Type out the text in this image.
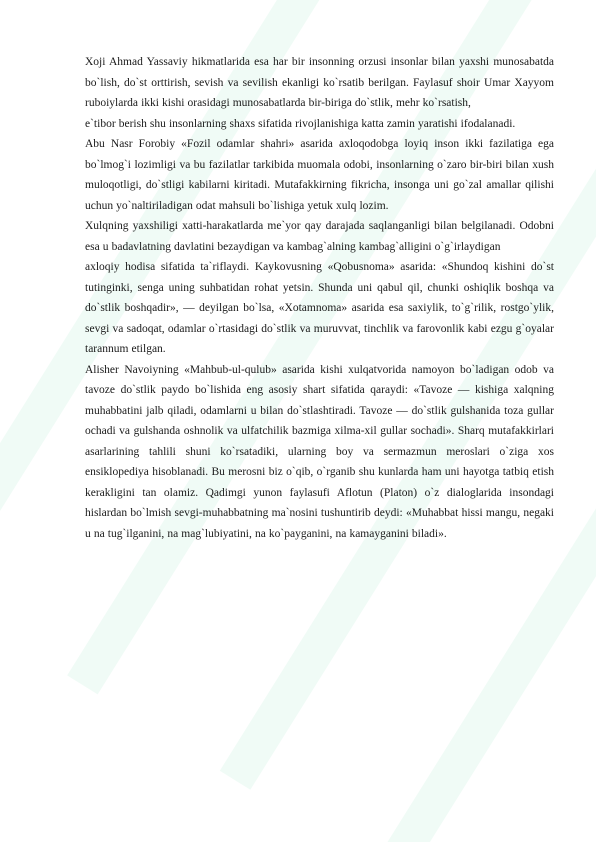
Xoji Ahmad Yassaviy hikmatlarida esa har bir insonning orzusi insonlar bilan yaxshi munosabatda bo`lish, do`st orttirish, sevish va sevilish ekanligi ko`rsatib berilgan. Faylasuf shoir Umar Xayyom ruboiylarda ikki kishi orasidagi munosabatlarda bir-biriga do`stlik, mehr ko`rsatish,

e`tibor berish shu insonlarning shaxs sifatida rivojlanishiga katta zamin yaratishi ifodalanadi.

Abu Nasr Forobiy «Fozil odamlar shahri» asarida axloqodobga loyiq inson ikki fazilatiga ega bo`lmog`i lozimligi va bu fazilatlar tarkibida muomala odobi, insonlarning o`zaro bir-biri bilan xush muloqotligi, do`stligi kabilarni kiritadi. Mutafakkirning fikricha, insonga uni go`zal amallar qilishi uchun yo`naltiriladigan odat mahsuli bo`lishiga yetuk xulq lozim.

Xulqning yaxshiligi xatti-harakatlarda me`yor qay darajada saqlanganligi bilan belgilanadi. Odobni esa u badavlatning davlatini bezaydigan va kambag`alning kambag`alligini o`g`irlaydigan

axloqiy hodisa sifatida ta`riflaydi. Kaykovusning «Qobusnoma» asarida: «Shundoq kishini do`st tutinginki, senga uning suhbatidan rohat yetsin. Shunda uni qabul qil, chunki oshiqlik boshqa va do`stlik boshqadir», — deyilgan bo`lsa, «Xotamnoma» asarida esa saxiylik, to`g`rilik, rostgo`ylik, sevgi va sadoqat, odamlar o`rtasidagi do`stlik va muruvvat, tinchlik va farovonlik kabi ezgu g`oyalar tarannum etilgan.

Alisher Navoiyning «Mahbub-ul-qulub» asarida kishi xulqatvorida namoyon bo`ladigan odob va tavoze do`stlik paydo bo`lishida eng asosiy shart sifatida qaraydi: «Tavoze — kishiga xalqning muhabbatini jalb qiladi, odamlarni u bilan do`stlashtiradi. Tavoze — do`stlik gulshanida toza gullar ochadi va gulshanda oshnolik va ulfatchilik bazmiga xilma-xil gullar sochadi». Sharq mutafakkirlari asarlarining tahlili shuni ko`rsatadiki, ularning boy va sermazmun meroslari o`ziga xos ensiklopediya hisoblanadi. Bu merosni biz o`qib, o`rganib shu kunlarda ham uni hayotga tatbiq etish kerakligini tan olamiz. Qadimgi yunon faylasufi Aflotun (Platon) o`z dialoglarida insondagi hislardan bo`lmish sevgi-muhabbatning ma`nosini tushuntirib deydi: «Muhabbat hissi mangu, negaki u na tug`ilganini, na mag`lubiyatini, na ko`payganini, na kamayganini biladi».
